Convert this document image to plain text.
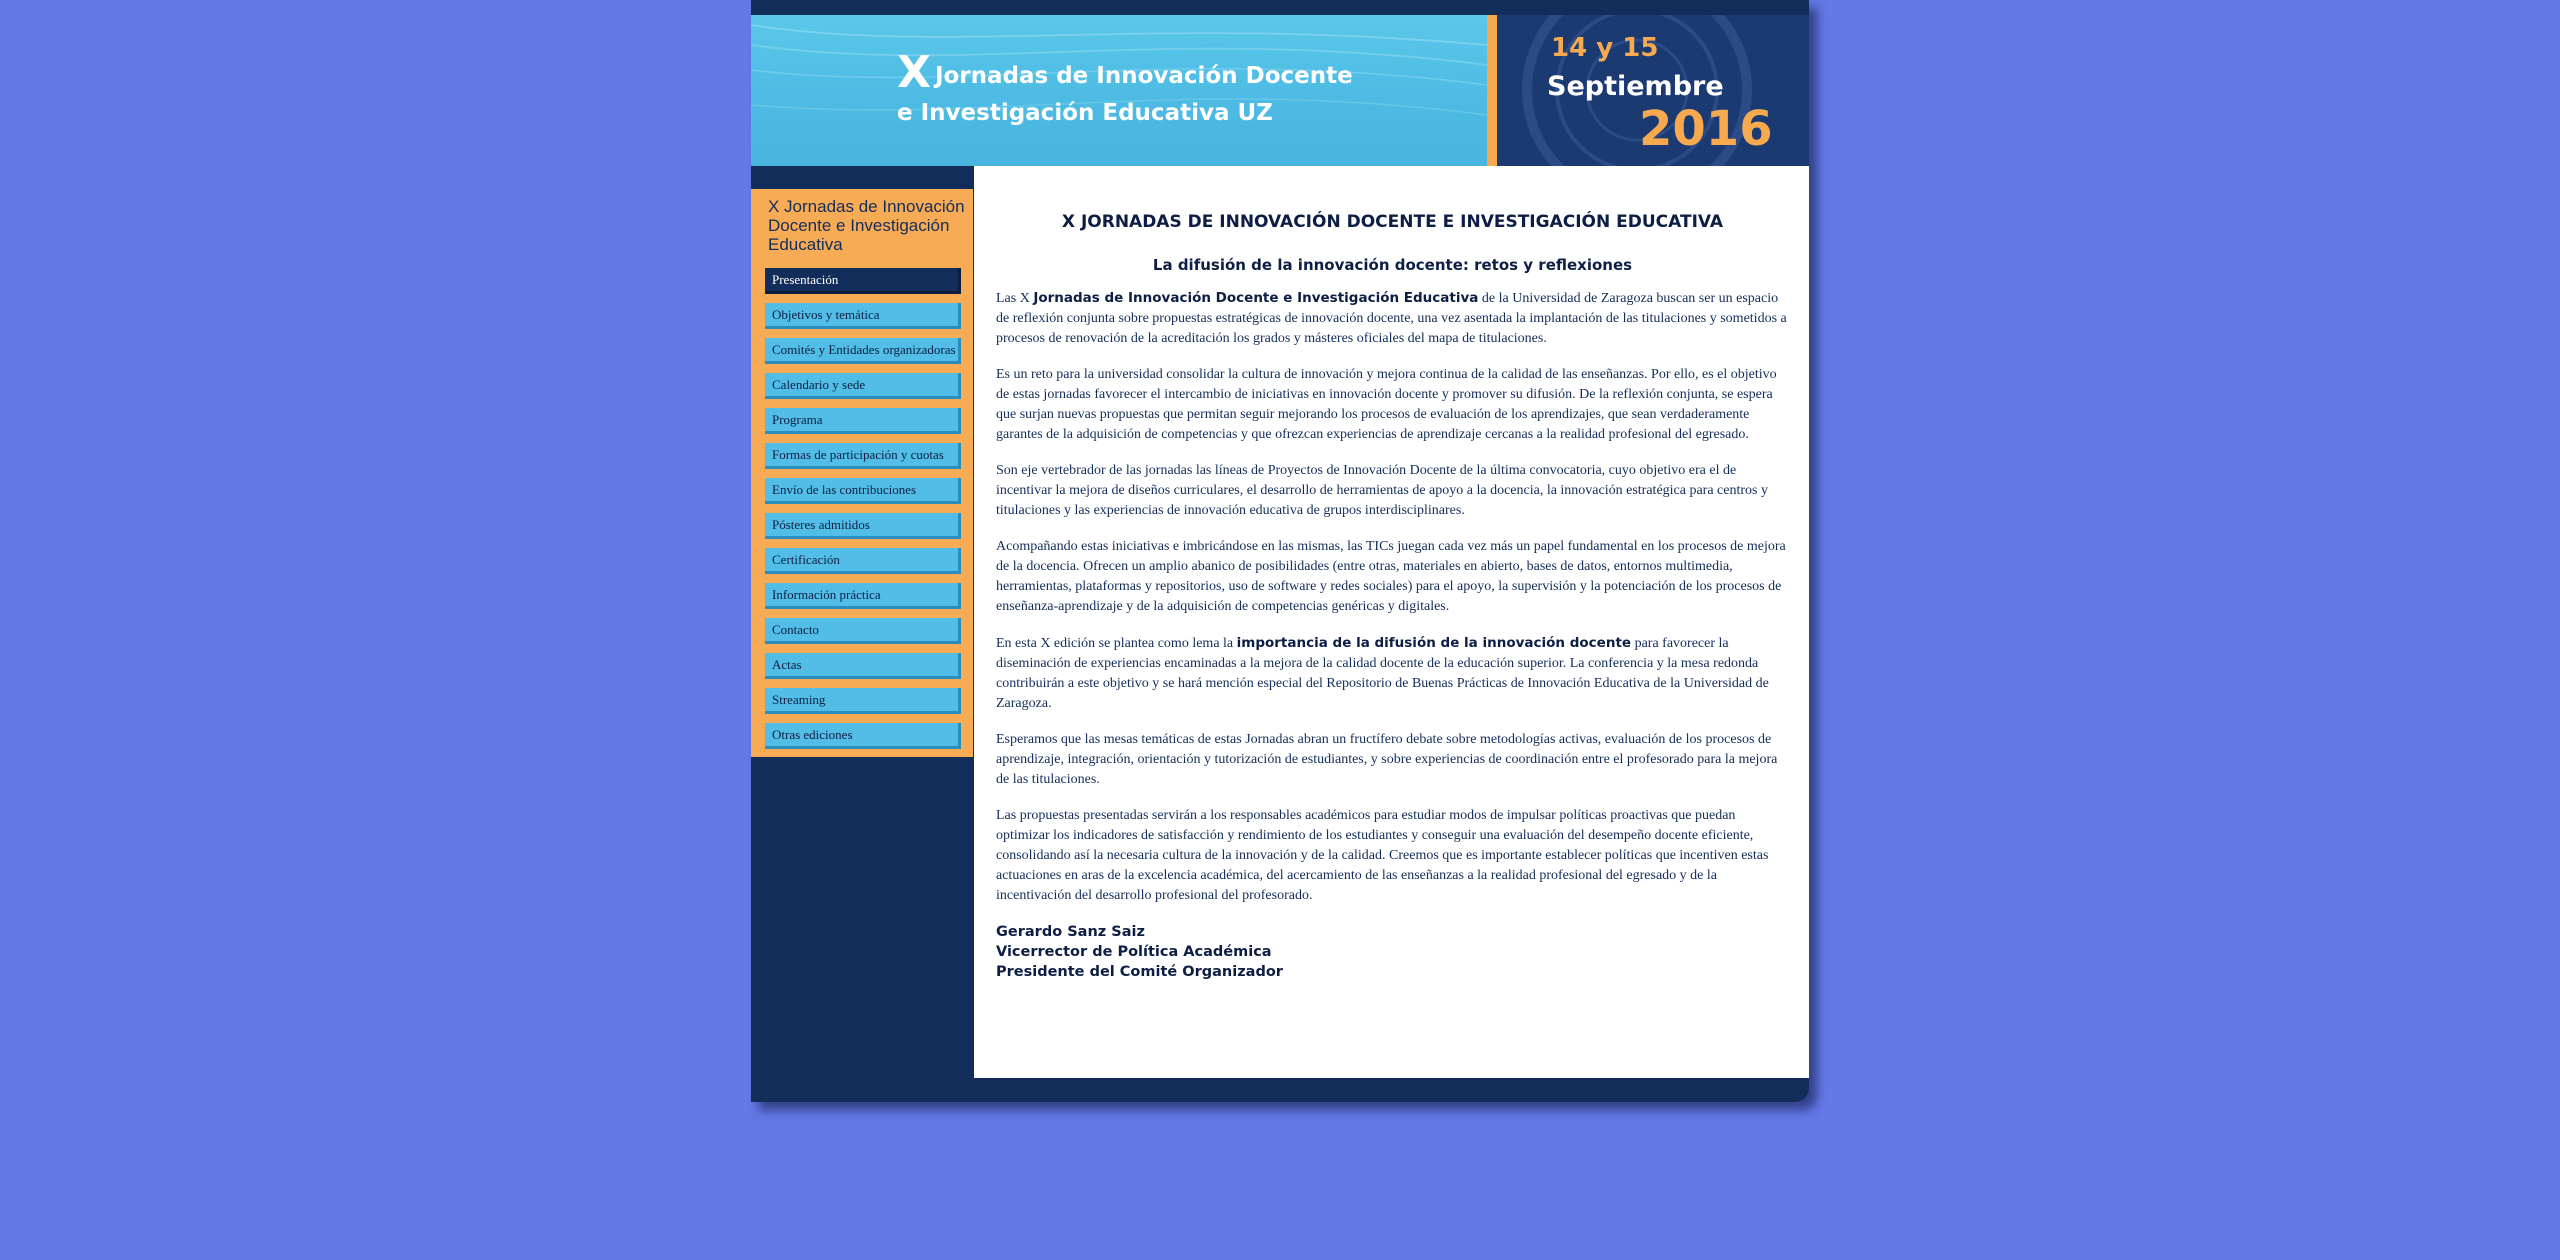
X Jornadas de Innovación Docente
e Investigación Educativa UZ
14 y 15
Septiembre
2016
X Jornadas de Innovación Docente e Investigación Educativa
Presentación
Objetivos y temática
Comités y Entidades organizadoras
Calendario y sede
Programa
Formas de participación y cuotas
Envío de las contribuciones
Pósteres admitidos
Certificación
Información práctica
Contacto
Actas
Streaming
Otras ediciones
X JORNADAS DE INNOVACIÓN DOCENTE E INVESTIGACIÓN EDUCATIVA
La difusión de la innovación docente: retos y reflexiones

Las X Jornadas de Innovación Docente e Investigación Educativa de la Universidad de Zaragoza buscan ser un espacio de reflexión conjunta sobre propuestas estratégicas de innovación docente, una vez asentada la implantación de las titulaciones y sometidos a procesos de renovación de la acreditación los grados y másteres oficiales del mapa de titulaciones.

Es un reto para la universidad consolidar la cultura de innovación y mejora continua de la calidad de las enseñanzas. Por ello, es el objetivo de estas jornadas favorecer el intercambio de iniciativas en innovación docente y promover su difusión. De la reflexión conjunta, se espera que surjan nuevas propuestas que permitan seguir mejorando los procesos de evaluación de los aprendizajes, que sean verdaderamente garantes de la adquisición de competencias y que ofrezcan experiencias de aprendizaje cercanas a la realidad profesional del egresado.

Son eje vertebrador de las jornadas las líneas de Proyectos de Innovación Docente de la última convocatoria, cuyo objetivo era el de incentivar la mejora de diseños curriculares, el desarrollo de herramientas de apoyo a la docencia, la innovación estratégica para centros y titulaciones y las experiencias de innovación educativa de grupos interdisciplinares.

Acompañando estas iniciativas e imbricándose en las mismas, las TICs juegan cada vez más un papel fundamental en los procesos de mejora de la docencia. Ofrecen un amplio abanico de posibilidades (entre otras, materiales en abierto, bases de datos, entornos multimedia, herramientas, plataformas y repositorios, uso de software y redes sociales) para el apoyo, la supervisión y la potenciación de los procesos de enseñanza-aprendizaje y de la adquisición de competencias genéricas y digitales.

En esta X edición se plantea como lema la importancia de la difusión de la innovación docente para favorecer la diseminación de experiencias encaminadas a la mejora de la calidad docente de la educación superior. La conferencia y la mesa redonda contribuirán a este objetivo y se hará mención especial del Repositorio de Buenas Prácticas de Innovación Educativa de la Universidad de Zaragoza.

Esperamos que las mesas temáticas de estas Jornadas abran un fructífero debate sobre metodologías activas, evaluación de los procesos de aprendizaje, integración, orientación y tutorización de estudiantes, y sobre experiencias de coordinación entre el profesorado para la mejora de las titulaciones.

Las propuestas presentadas servirán a los responsables académicos para estudiar modos de impulsar políticas proactivas que puedan optimizar los indicadores de satisfacción y rendimiento de los estudiantes y conseguir una evaluación del desempeño docente eficiente, consolidando así la necesaria cultura de la innovación y de la calidad. Creemos que es importante establecer políticas que incentiven estas actuaciones en aras de la excelencia académica, del acercamiento de las enseñanzas a la realidad profesional del egresado y de la incentivación del desarrollo profesional del profesorado.

Gerardo Sanz Saiz
Vicerrector de Política Académica
Presidente del Comité Organizador
